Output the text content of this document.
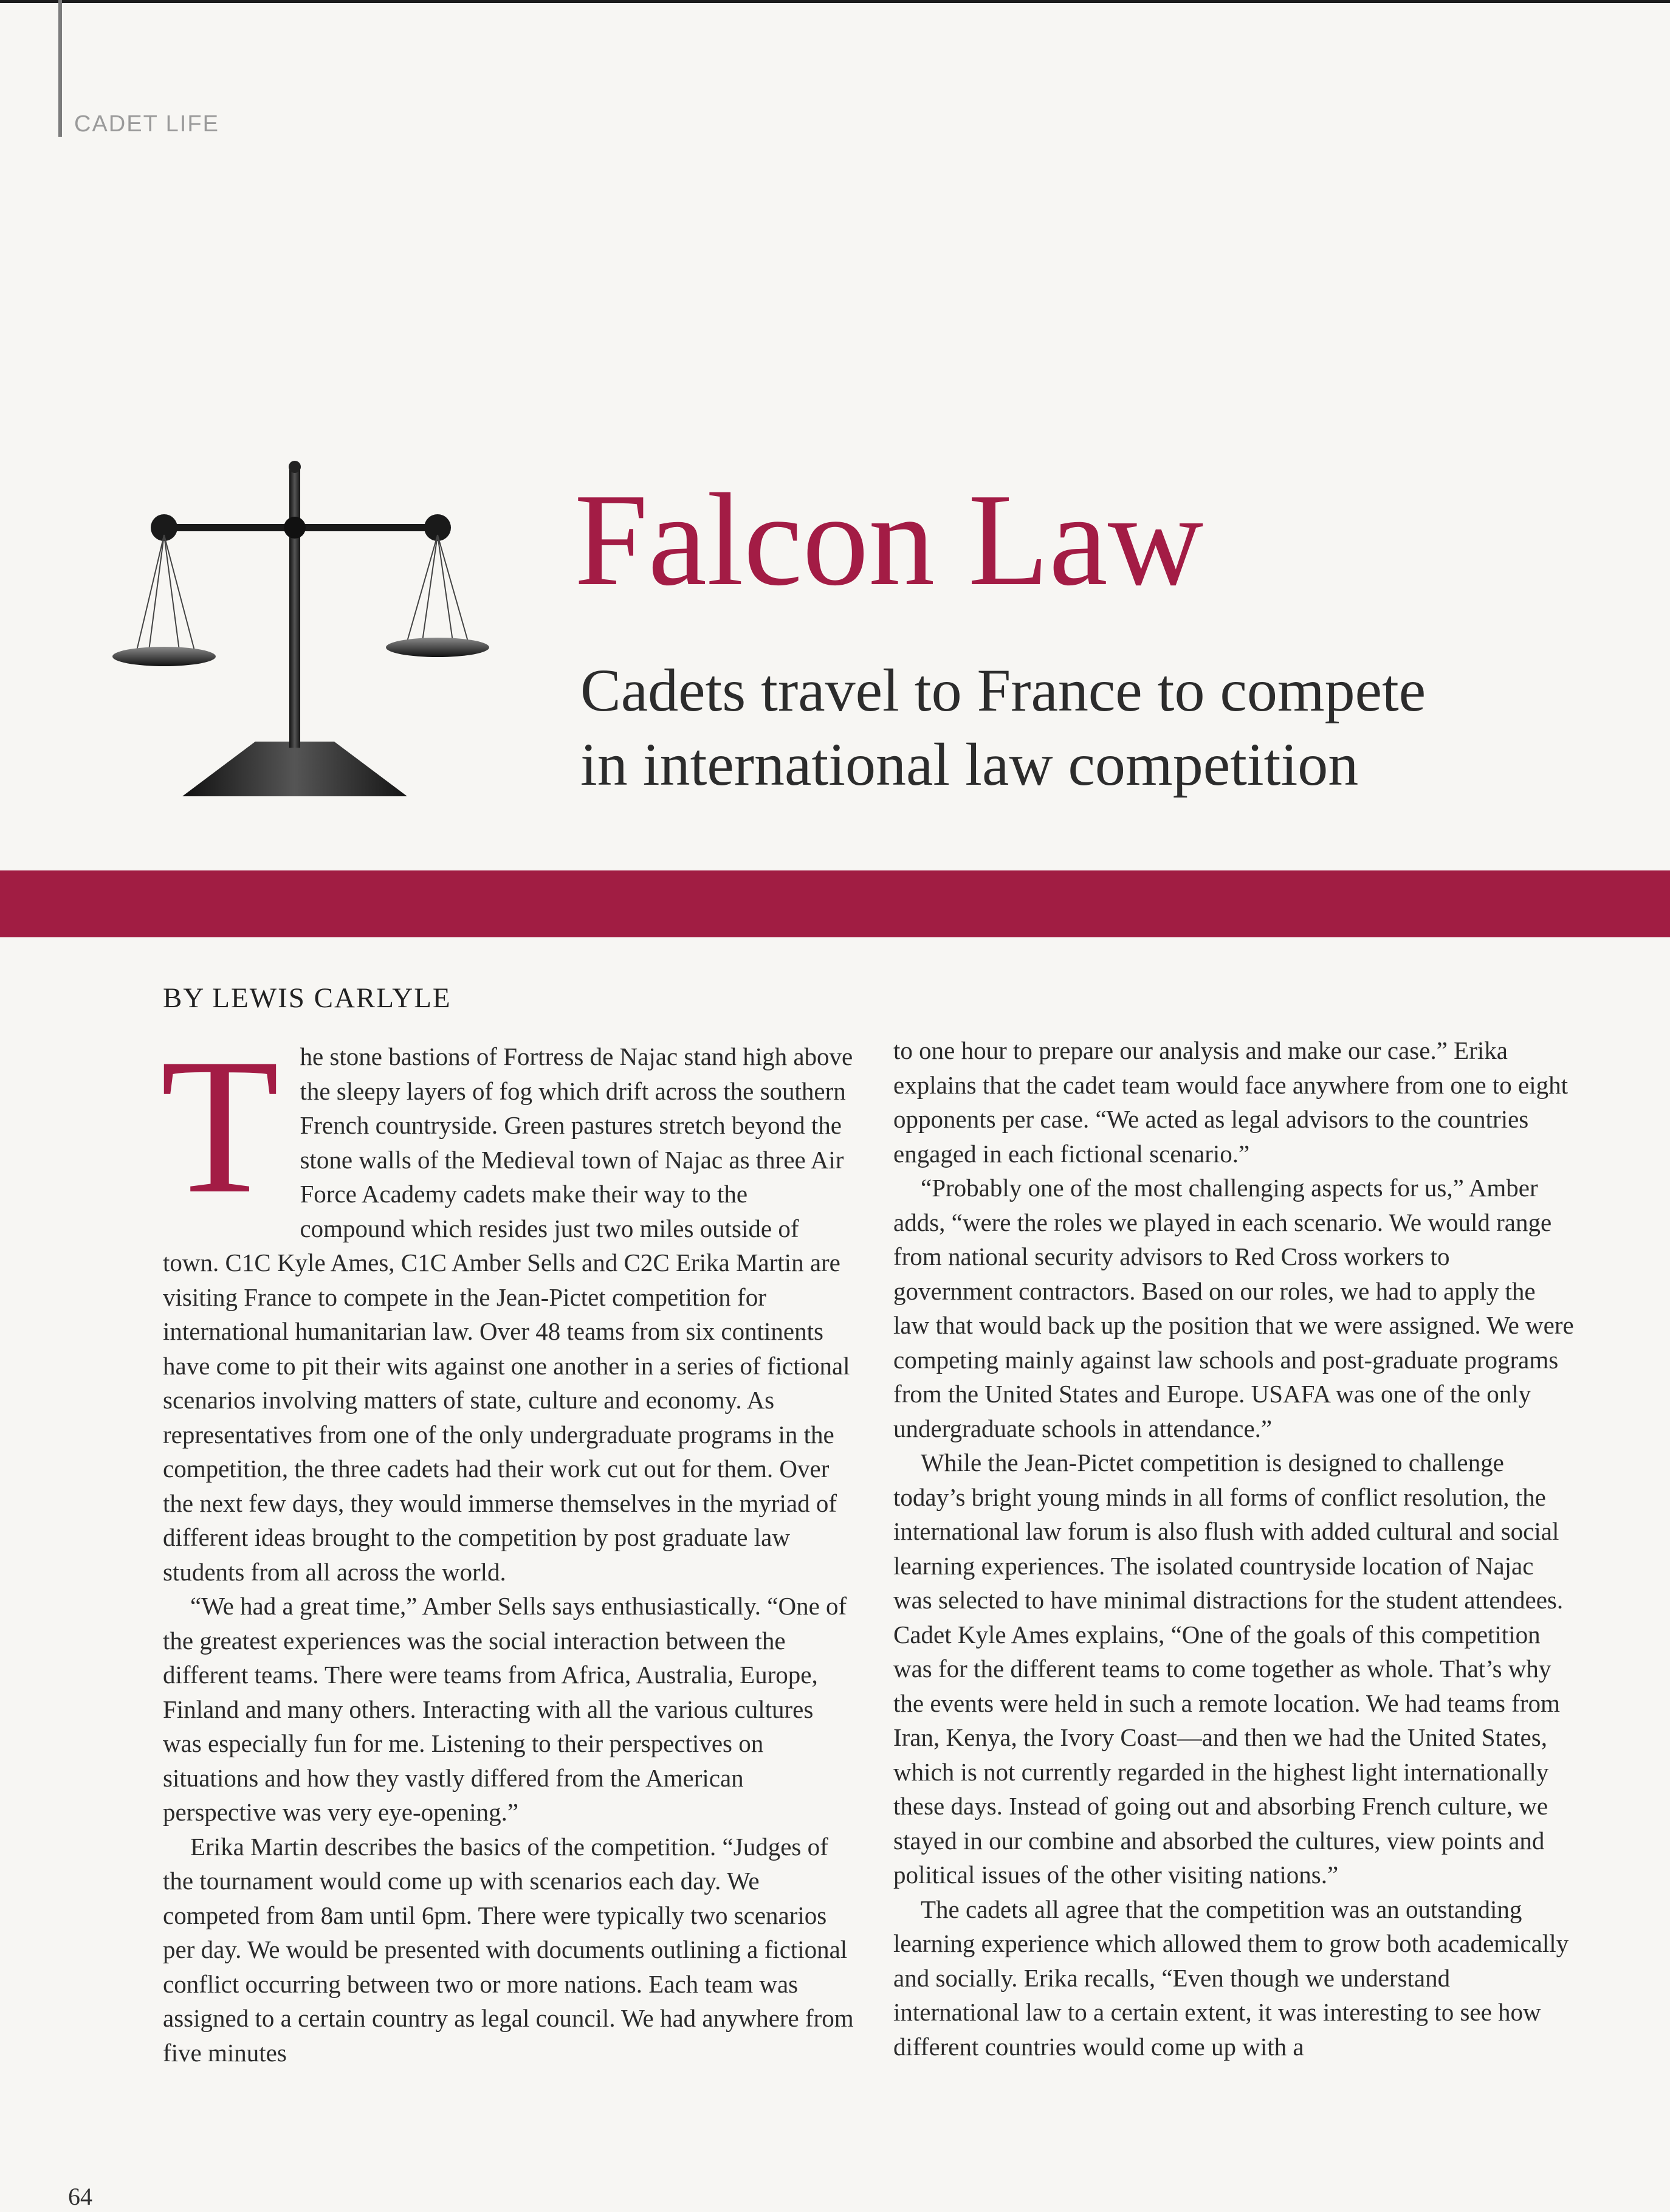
CADET LIFE
Falcon Law
Cadets travel to France to compete
in international law competition
BY LEWIS CARLYLE

The stone bastions of Fortress de Najac stand high above the sleepy layers of fog which drift across the southern French countryside. Green pastures stretch beyond the stone walls of the Medieval town of Najac as three Air Force Academy cadets make their way to the compound which resides just two miles outside of town. C1C Kyle Ames, C1C Amber Sells and C2C Erika Martin are visiting France to compete in the Jean-Pictet competition for international humanitarian law. Over 48 teams from six continents have come to pit their wits against one another in a series of fictional scenarios involving matters of state, culture and economy. As representatives from one of the only undergraduate programs in the competition, the three cadets had their work cut out for them. Over the next few days, they would immerse themselves in the myriad of different ideas brought to the competition by post graduate law students from all across the world.

“We had a great time,” Amber Sells says enthusiastically. “One of the greatest experiences was the social interaction between the different teams. There were teams from Africa, Australia, Europe, Finland and many others. Interacting with all the various cultures was especially fun for me. Listening to their perspectives on situations and how they vastly differed from the American perspective was very eye-opening.”

Erika Martin describes the basics of the competition. “Judges of the tournament would come up with scenarios each day. We competed from 8am until 6pm. There were typically two scenarios per day. We would be presented with documents outlining a fictional conflict occurring between two or more nations. Each team was assigned to a certain country as legal council. We had anywhere from five minutes

to one hour to prepare our analysis and make our case.” Erika explains that the cadet team would face anywhere from one to eight opponents per case. “We acted as legal advisors to the countries engaged in each fictional scenario.”

“Probably one of the most challenging aspects for us,” Amber adds, “were the roles we played in each scenario. We would range from national security advisors to Red Cross workers to government contractors. Based on our roles, we had to apply the law that would back up the position that we were assigned. We were competing mainly against law schools and post-graduate programs from the United States and Europe. USAFA was one of the only undergraduate schools in attendance.”

While the Jean-Pictet competition is designed to challenge today’s bright young minds in all forms of conflict resolution, the international law forum is also flush with added cultural and social learning experiences. The isolated countryside location of Najac was selected to have minimal distractions for the student attendees. Cadet Kyle Ames explains, “One of the goals of this competition was for the different teams to come together as whole. That’s why the events were held in such a remote location. We had teams from Iran, Kenya, the Ivory Coast—and then we had the United States, which is not currently regarded in the highest light internationally these days. Instead of going out and absorbing French culture, we stayed in our combine and absorbed the cultures, view points and political issues of the other visiting nations.”

The cadets all agree that the competition was an outstanding learning experience which allowed them to grow both academically and socially. Erika recalls, “Even though we understand international law to a certain extent, it was interesting to see how different countries would come up with a

64
